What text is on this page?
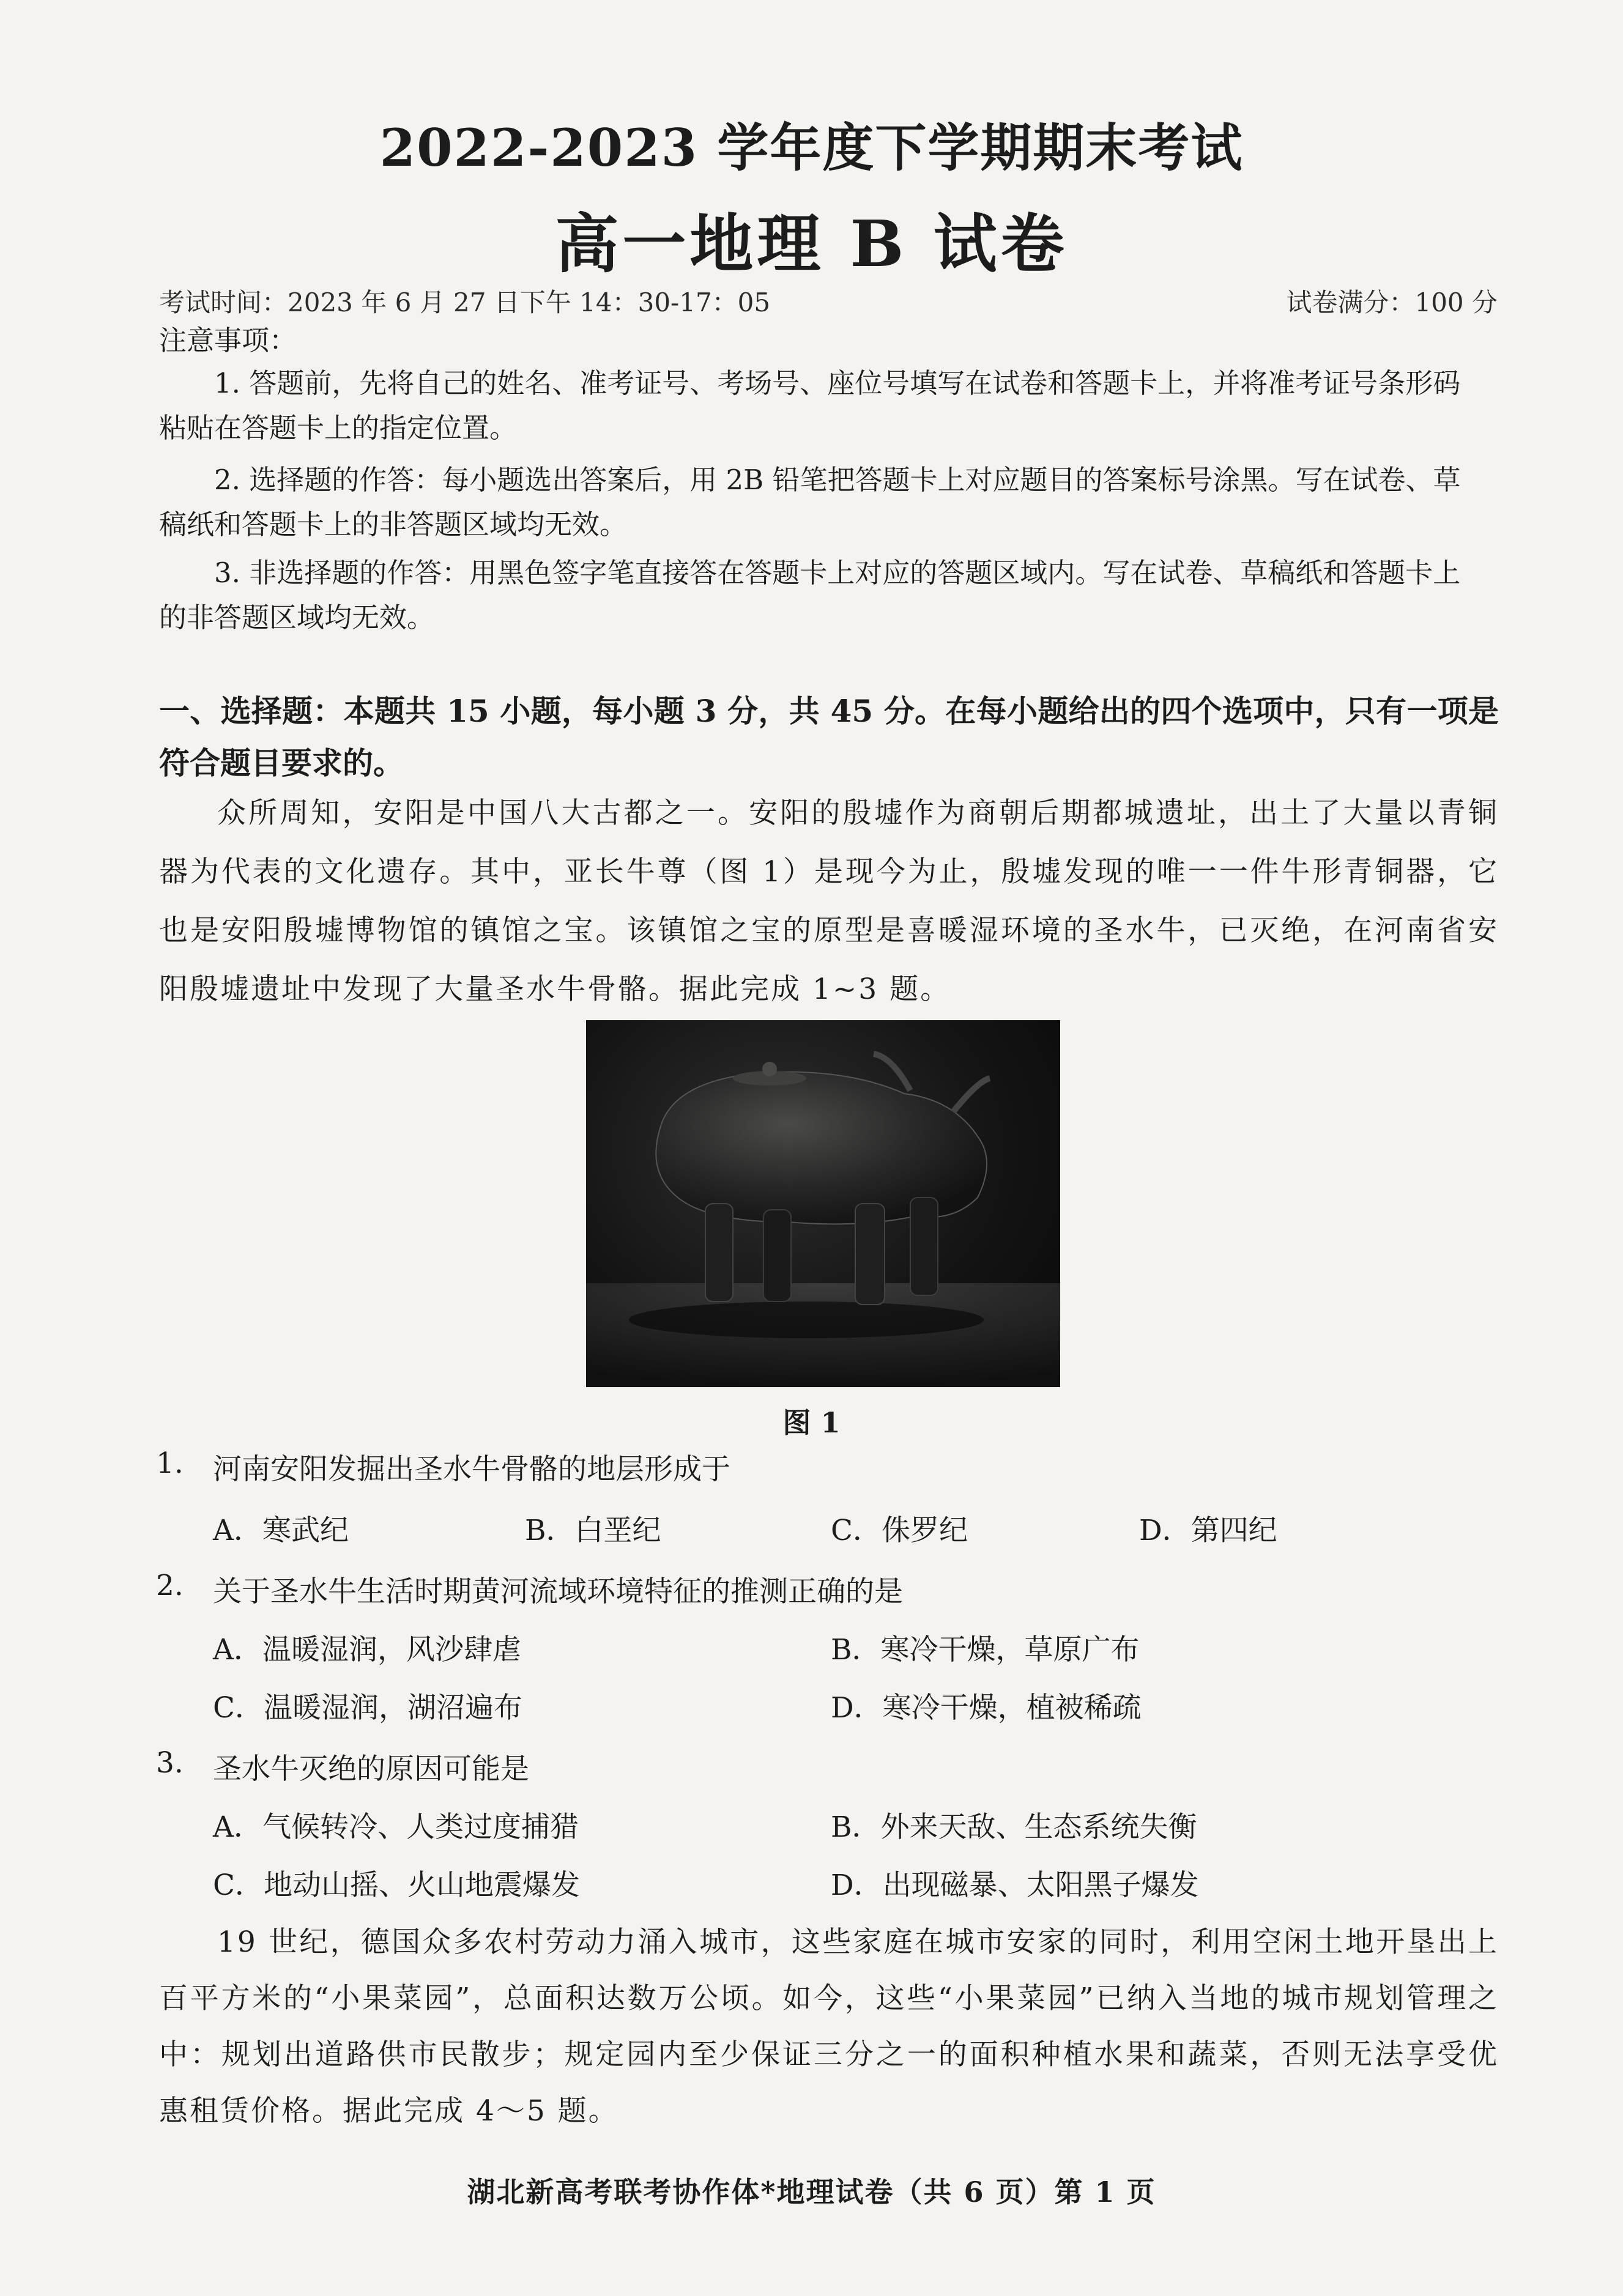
2022-2023 学年度下学期期末考试
高一地理 B 试卷
考试时间：2023 年 6 月 27 日下午 14：30-17：05	试卷满分：100 分
注意事项：
1. 答题前，先将自己的姓名、准考证号、考场号、座位号填写在试卷和答题卡上，并将准考证号条形码
粘贴在答题卡上的指定位置。
2. 选择题的作答：每小题选出答案后，用 2B 铅笔把答题卡上对应题目的答案标号涂黑。写在试卷、草
稿纸和答题卡上的非答题区域均无效。
3. 非选择题的作答：用黑色签字笔直接答在答题卡上对应的答题区域内。写在试卷、草稿纸和答题卡上
的非答题区域均无效。
一、选择题：本题共 15 小题，每小题 3 分，共 45 分。在每小题给出的四个选项中，只有一项是符合题目要求的。
众所周知，安阳是中国八大古都之一。安阳的殷墟作为商朝后期都城遗址，出土了大量以青铜器为代表的文化遗存。其中，亚长牛尊（图 1）是现今为止，殷墟发现的唯一一件牛形青铜器，它也是安阳殷墟博物馆的镇馆之宝。该镇馆之宝的原型是喜暖湿环境的圣水牛，已灭绝，在河南省安阳殷墟遗址中发现了大量圣水牛骨骼。据此完成 1~3 题。
图 1
1. 河南安阳发掘出圣水牛骨骼的地层形成于
A．寒武纪	B．白垩纪	C．侏罗纪	D．第四纪
2. 关于圣水牛生活时期黄河流域环境特征的推测正确的是
A．温暖湿润，风沙肆虐	B．寒冷干燥，草原广布
C．温暖湿润，湖沼遍布	D．寒冷干燥，植被稀疏
3. 圣水牛灭绝的原因可能是
A．气候转冷、人类过度捕猎	B．外来天敌、生态系统失衡
C．地动山摇、火山地震爆发	D．出现磁暴、太阳黑子爆发
19 世纪，德国众多农村劳动力涌入城市，这些家庭在城市安家的同时，利用空闲土地开垦出上百平方米的“小果菜园”，总面积达数万公顷。如今，这些“小果菜园”已纳入当地的城市规划管理之中：规划出道路供市民散步；规定园内至少保证三分之一的面积种植水果和蔬菜，否则无法享受优惠租赁价格。据此完成 4～5 题。
湖北新高考联考协作体*地理试卷（共 6 页）第 1 页
